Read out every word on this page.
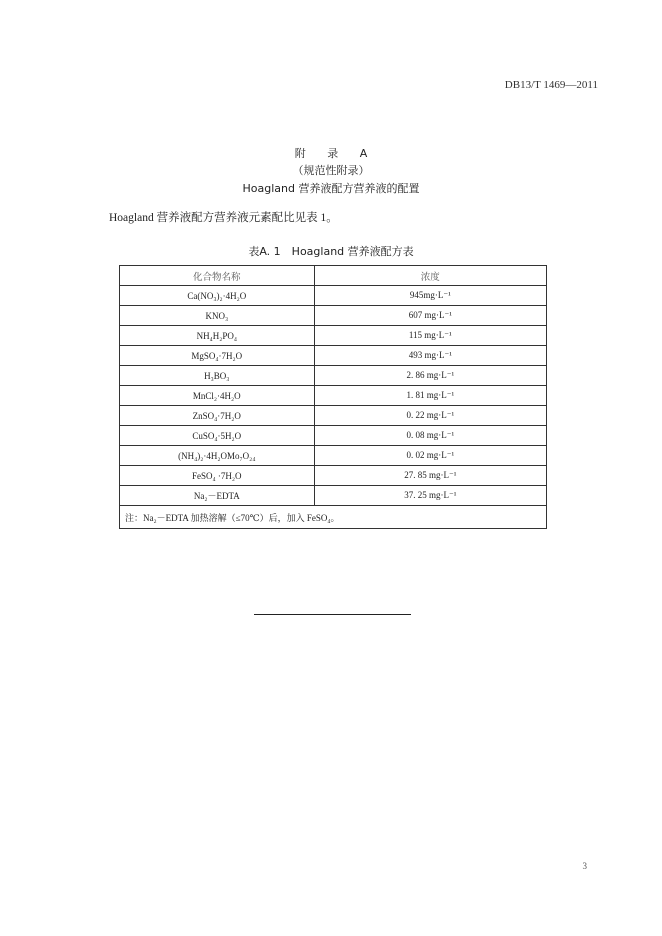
DB13/T 1469—2011
附 录 A
（规范性附录）
Hoagland 营养液配方营养液的配置
Hoagland 营养液配方营养液元素配比见表 1。
表A. 1　Hoagland 营养液配方表
化合物名称	浓度
Ca(NO₃)₂·4H₂O	945mg·L⁻¹
KNO₃	607 mg·L⁻¹
NH₄H₂PO₄	115 mg·L⁻¹
MgSO₄·7H₂O	493 mg·L⁻¹
H₃BO₃	2. 86 mg·L⁻¹
MnCl₂·4H₂O	1. 81 mg·L⁻¹
ZnSO₄·7H₂O	0. 22 mg·L⁻¹
CuSO₄·5H₂O	0. 08 mg·L⁻¹
(NH₄)₂·4H₂OMo₇O₂₄	0. 02 mg·L⁻¹
FeSO₄ ·7H₂O	27. 85 mg·L⁻¹
Na₂－EDTA	37. 25 mg·L⁻¹
注：Na₂－EDTA 加热溶解（≤70℃）后，加入 FeSO₄。	
3
